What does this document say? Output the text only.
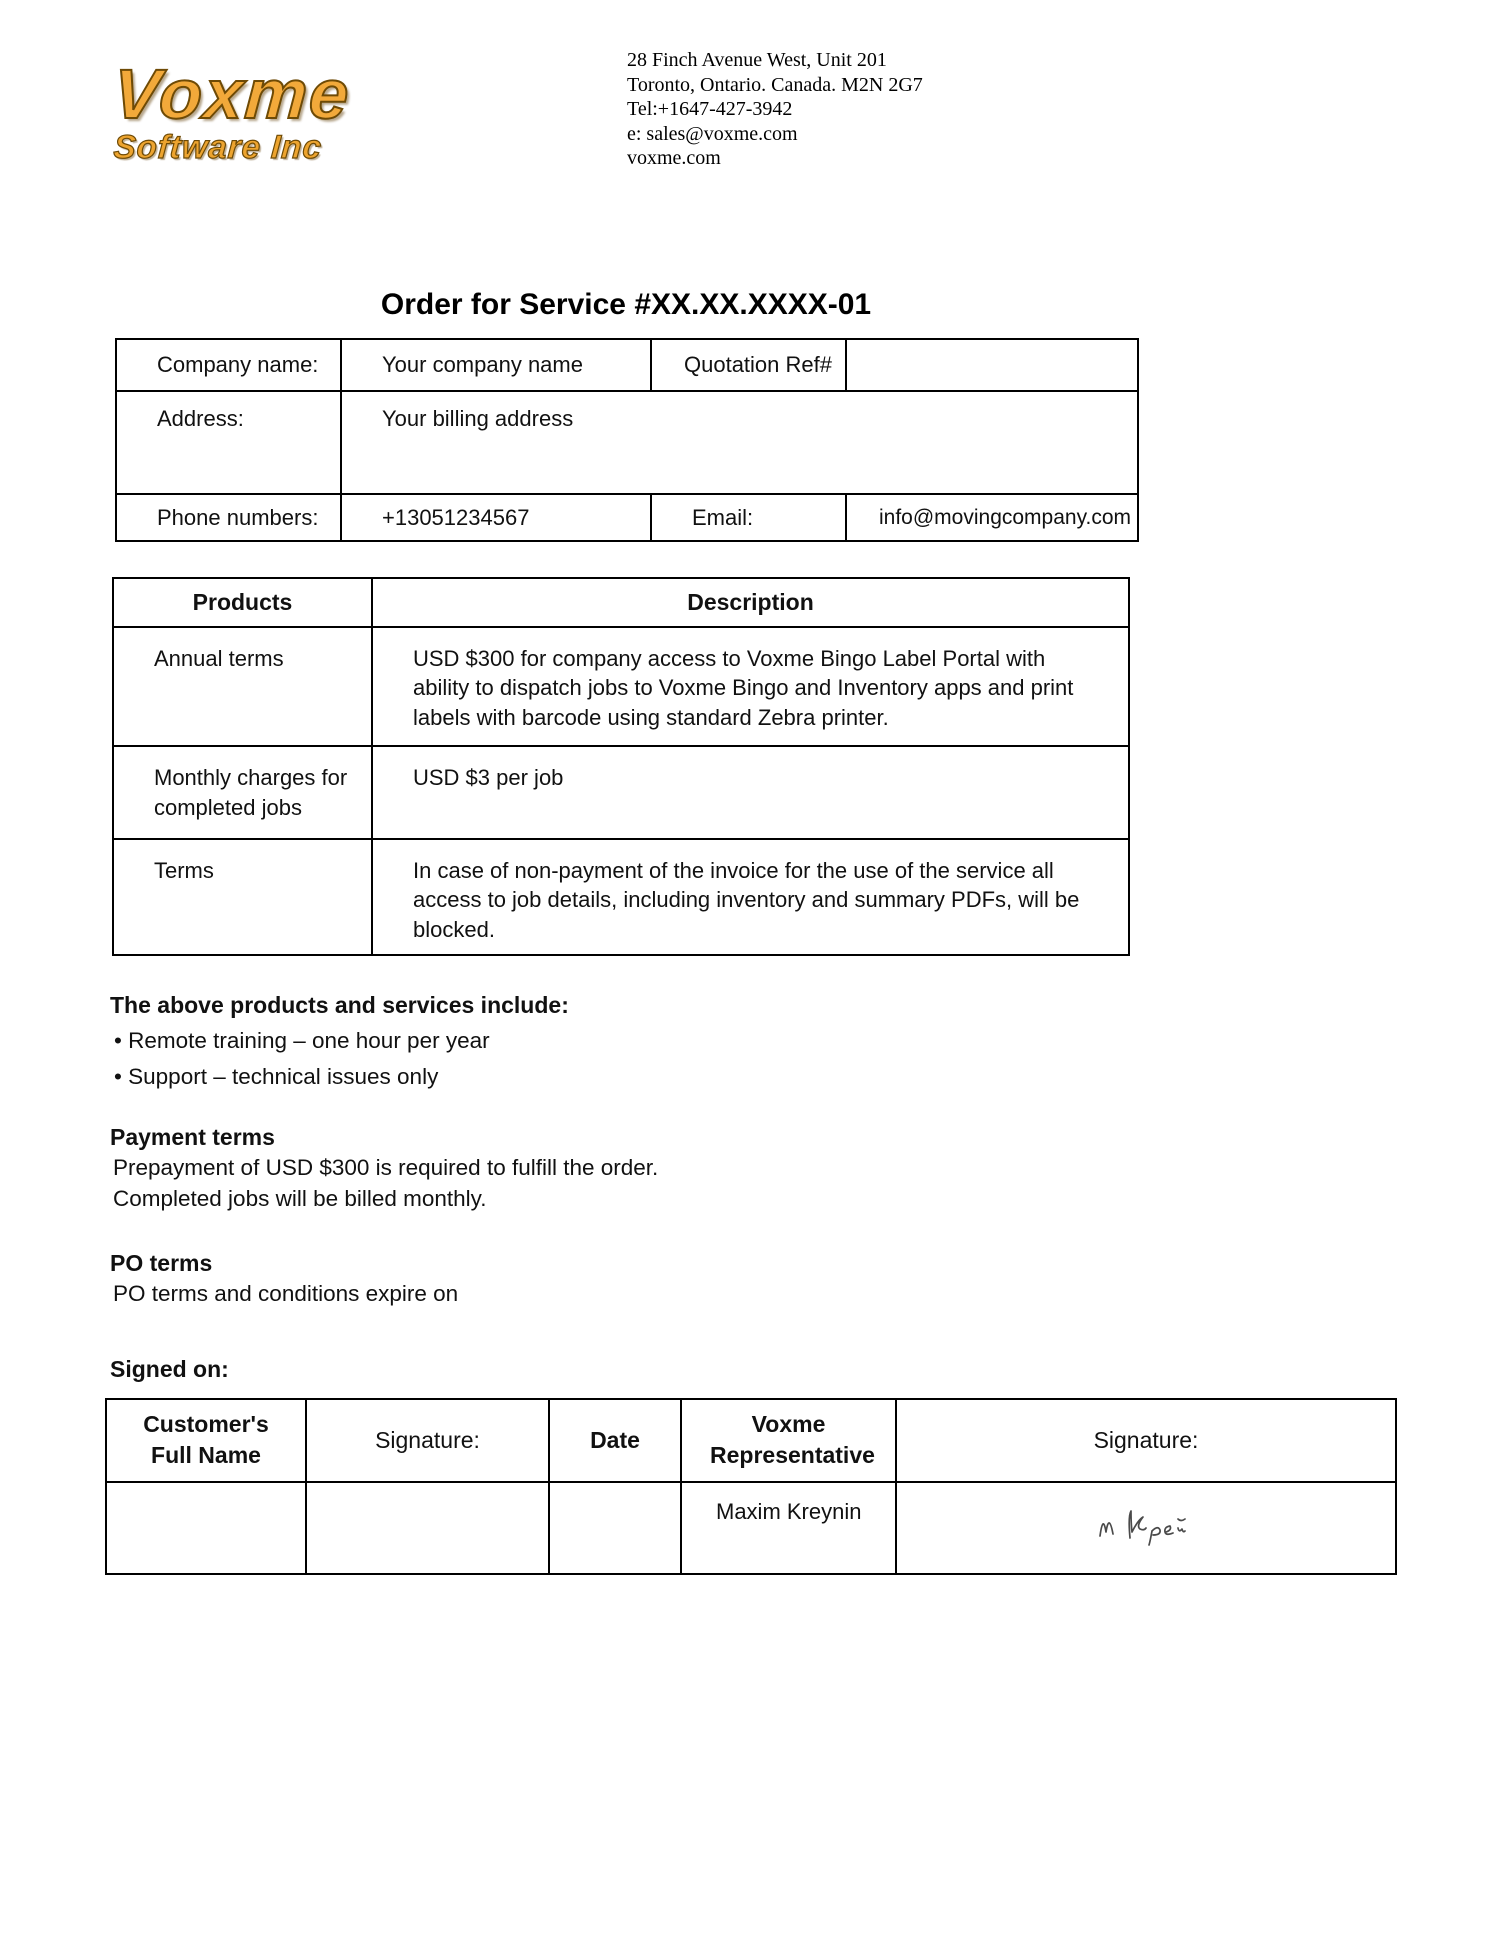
Voxme
Software Inc
28 Finch Avenue West, Unit 201
Toronto, Ontario. Canada. M2N 2G7
Tel:+1647-427-3942
e: sales@voxme.com
voxme.com
Order for Service #XX.XX.XXXX-01
Company name:	Your company name	Quotation Ref#	
Address:	Your billing address		
Phone numbers:	+13051234567	Email:	info@movingcompany.com
Products	Description
Annual terms	USD $300 for company access to Voxme Bingo Label Portal with ability to dispatch jobs to Voxme Bingo and Inventory apps and print labels with barcode using standard Zebra printer.
Monthly charges for completed jobs	USD $3 per job
Terms	In case of non-payment of the invoice for the use of the service all access to job details, including inventory and summary PDFs, will be blocked.
The above products and services include:
• Remote training – one hour per year
• Support – technical issues only
Payment terms
Prepayment of USD $300 is required to fulfill the order.
Completed jobs will be billed monthly.
PO terms
PO terms and conditions expire on
Signed on:
Customer's Full Name	Signature:	Date	Voxme Representative	Signature:
			Maxim Kreynin	
